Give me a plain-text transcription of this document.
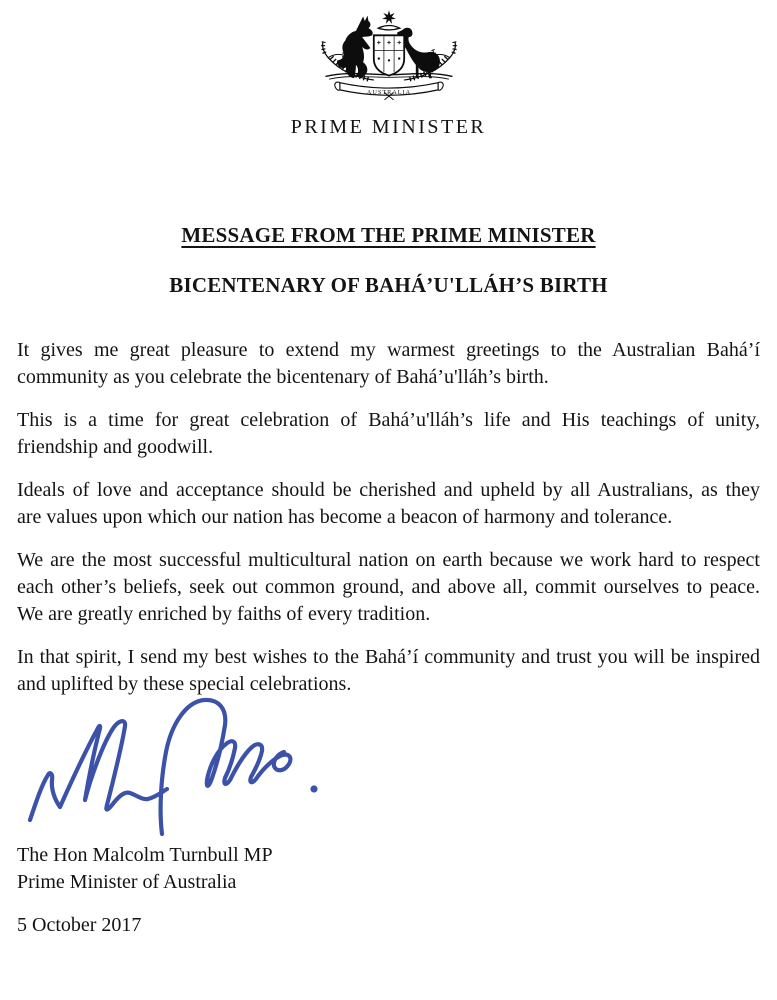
AUSTRALIA
PRIME MINISTER
MESSAGE FROM THE PRIME MINISTER
BICENTENARY OF BAHÁ’U'LLÁH’S BIRTH

It gives me great pleasure to extend my warmest greetings to the Australian Bahá’í
community as you celebrate the bicentenary of Bahá’u'lláh’s birth.

This is a time for great celebration of Bahá’u'lláh’s life and His teachings of unity,
friendship and goodwill.

Ideals of love and acceptance should be cherished and upheld by all Australians, as they
are values upon which our nation has become a beacon of harmony and tolerance.

We are the most successful multicultural nation on earth because we work hard to respect
each other’s beliefs, seek out common ground, and above all, commit ourselves to peace.
We are greatly enriched by faiths of every tradition.

In that spirit, I send my best wishes to the Bahá’í community and trust you will be inspired
and uplifted by these special celebrations.

The Hon Malcolm Turnbull MP
Prime Minister of Australia
5 October 2017
